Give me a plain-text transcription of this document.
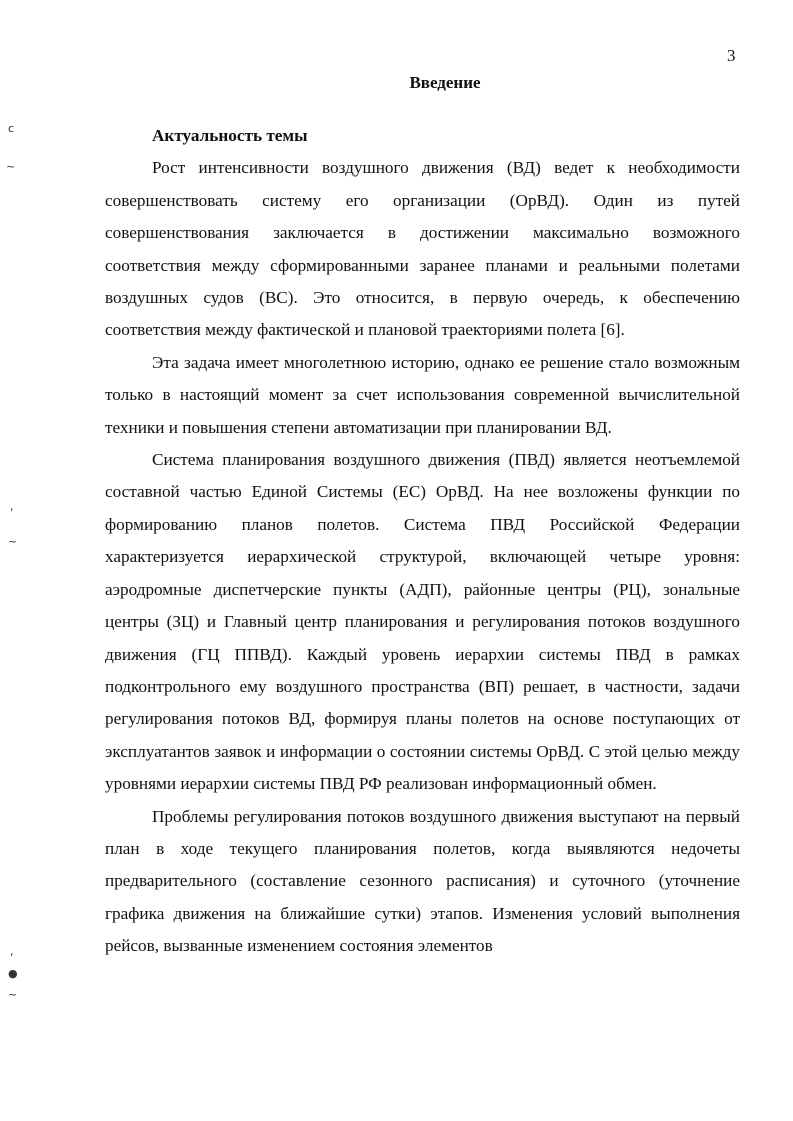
3
Введение

Актуальность темы

Рост интенсивности воздушного движения (ВД) ведет к необходимости совершенствовать систему его организации (ОрВД). Один из путей совершенствования заключается в достижении максимально возможного соответствия между сформированными заранее планами и реальными полетами воздушных судов (ВС). Это относится, в первую очередь, к обеспечению соответствия между фактической и плановой траекториями полета [6].

Эта задача имеет многолетнюю историю, однако ее решение стало возможным только в настоящий момент за счет использования современной вычислительной техники и повышения степени автоматизации при планировании ВД.

Система планирования воздушного движения (ПВД) является неотъемлемой составной частью Единой Системы (ЕС) ОрВД. На нее возложены функции по формированию планов полетов. Система ПВД Российской Федерации характеризуется иерархической структурой, включающей четыре уровня: аэродромные диспетчерские пункты (АДП), районные центры (РЦ), зональные центры (ЗЦ) и Главный центр планирования и регулирования потоков воздушного движения (ГЦ ППВД). Каждый уровень иерархии системы ПВД в рамках подконтрольного ему воздушного пространства (ВП) решает, в частности, задачи регулирования потоков ВД, формируя планы полетов на основе поступающих от эксплуатантов заявок и информации о состоянии системы ОрВД. С этой целью между уровнями иерархии системы ПВД РФ реализован информационный обмен.

Проблемы регулирования потоков воздушного движения выступают на первый план в ходе текущего планирования полетов, когда выявляются недочеты предварительного (составление сезонного расписания) и суточного (уточнение графика движения на ближайшие сутки) этапов. Изменения условий выполнения рейсов, вызванные изменением состояния элементов

c
~
,
~
,
●
~
